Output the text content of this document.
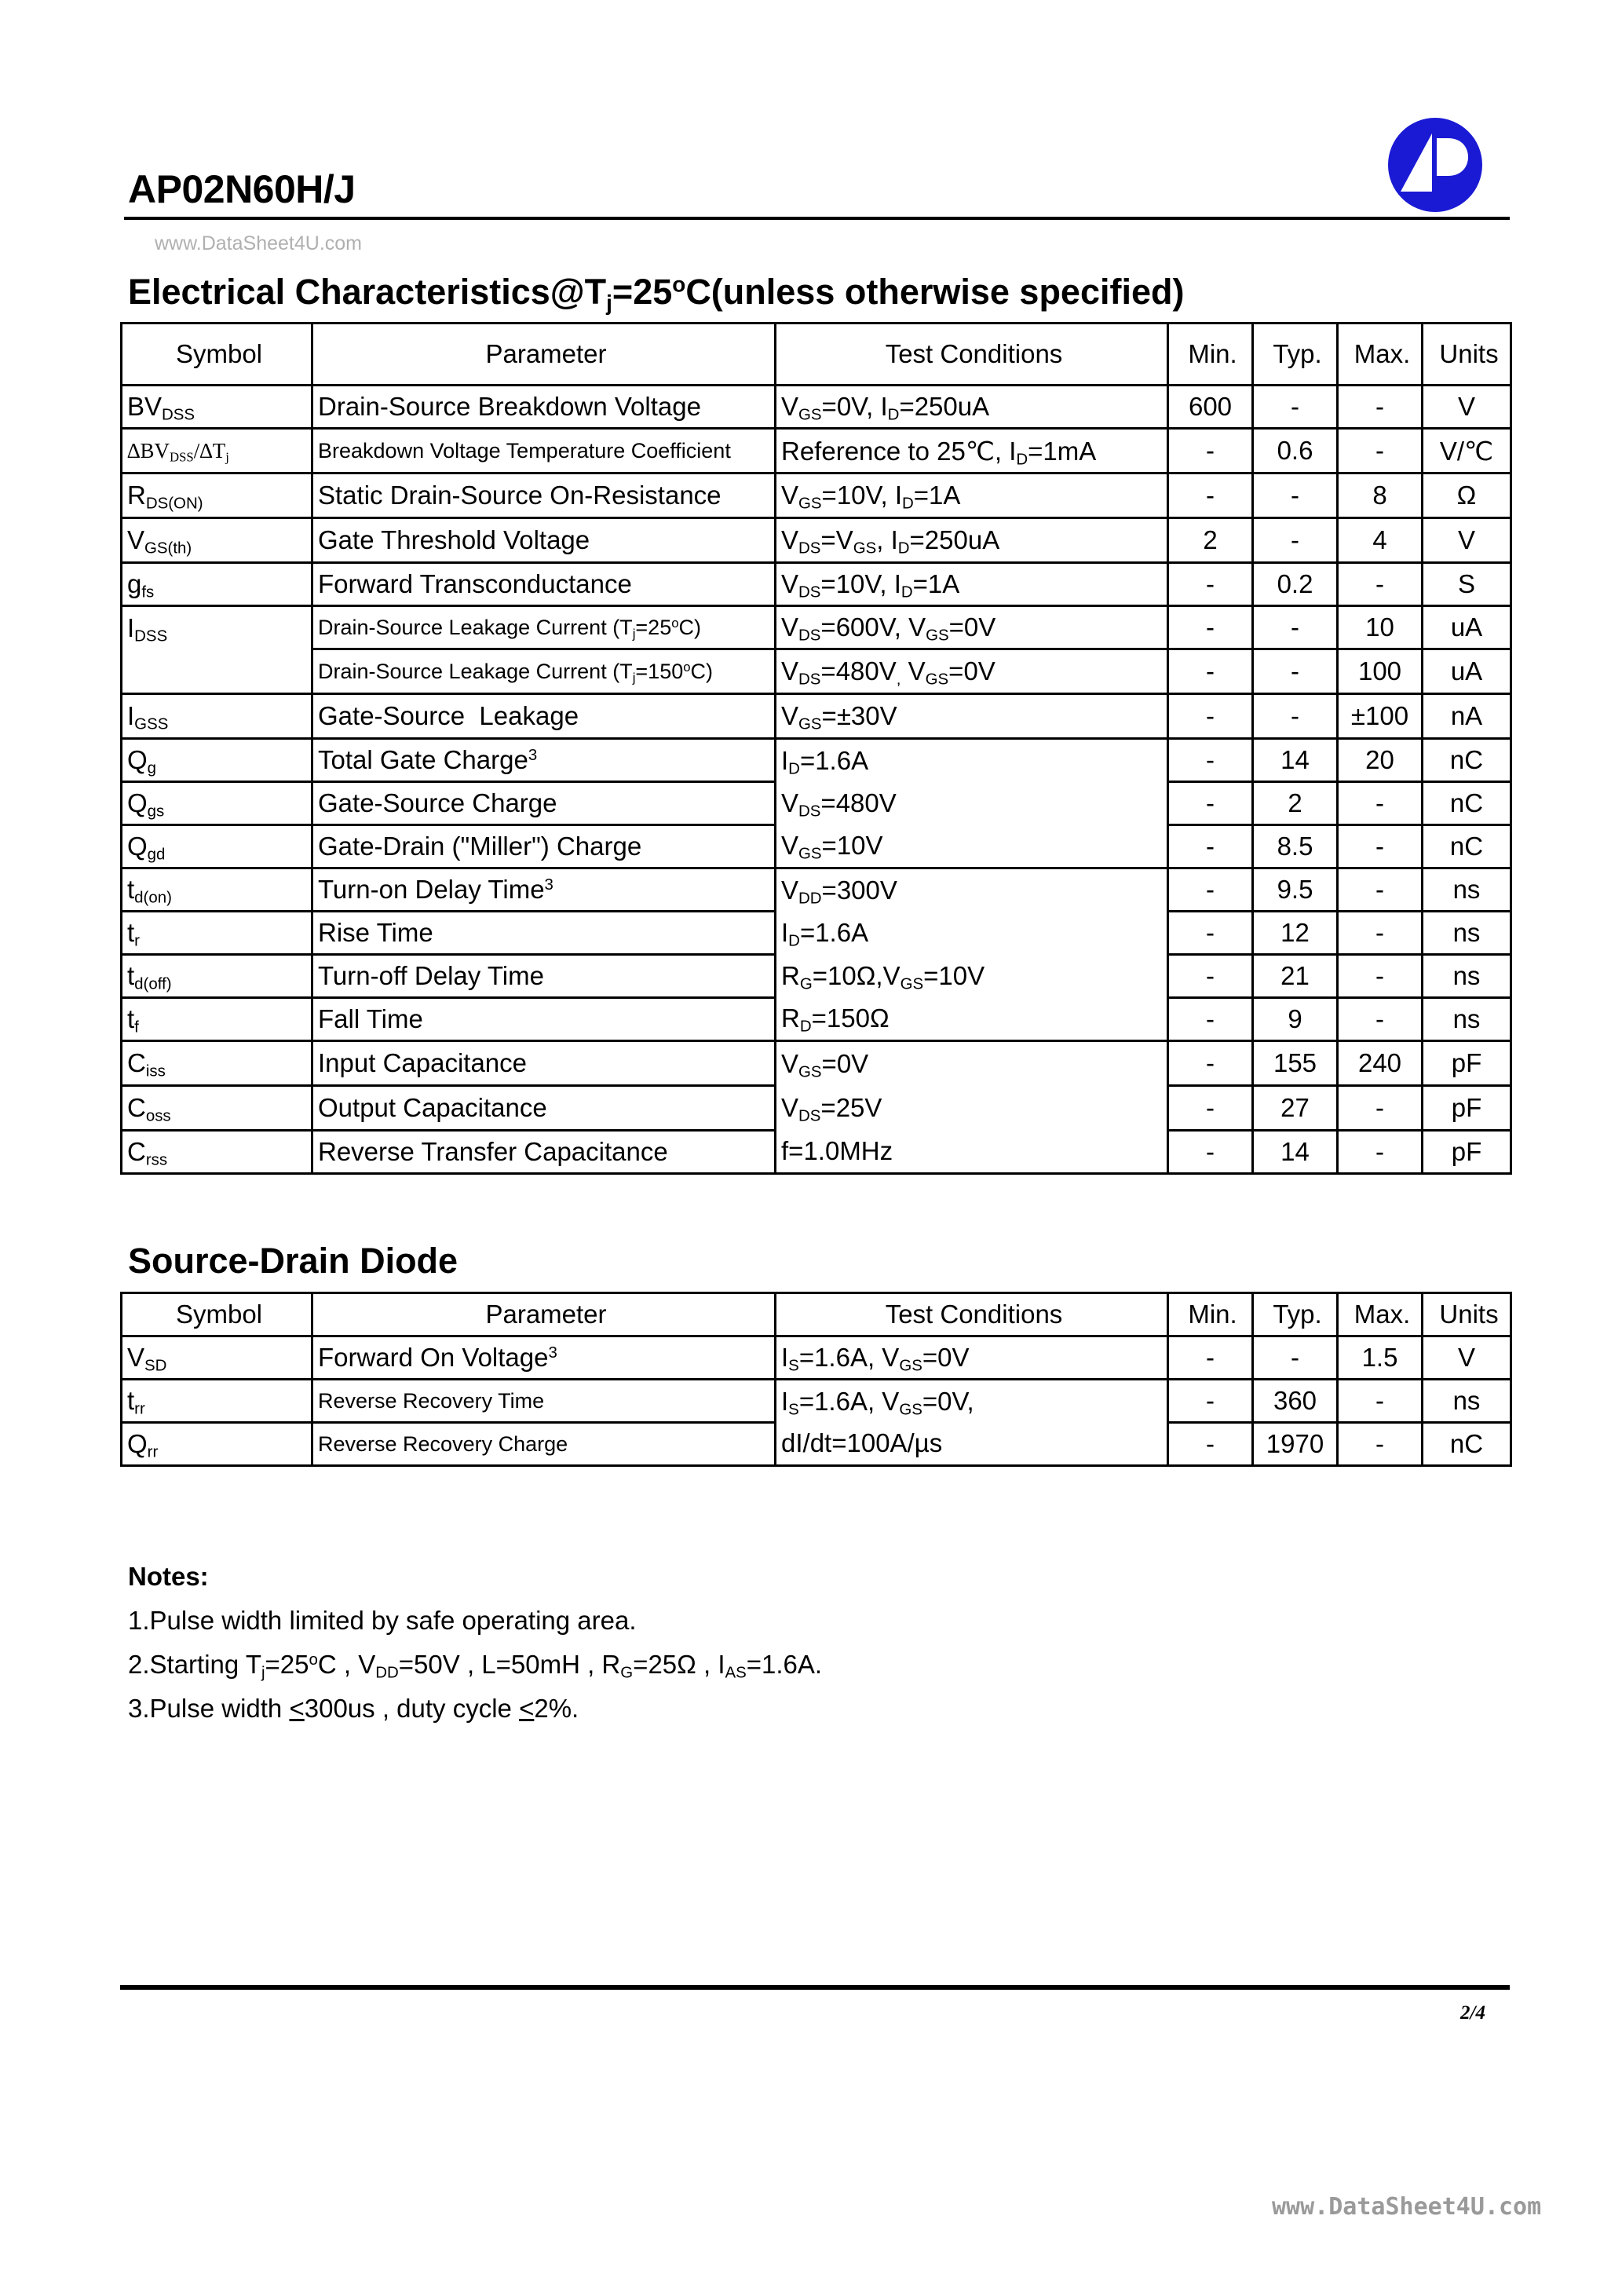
AP02N60H/J
www.DataSheet4U.com
Electrical $Characteristics@T_j=25^oC(unless$ otherwise specified)
Symbol	Parameter	Test Conditions	Min.	Typ.	Max.	Units
$BV_{DSS}$	Drain-Source Breakdown Voltage	$V_{GS}=0V$, $I_D=250uA$	600	-	-	V
$\Delta BV_{DSS}/\Delta T_j$	Breakdown Voltage Temperature Coefficient	Reference to 25℃, $I_D=1mA$	-	0.6	-	V/℃
$R_{DS(ON)}$	Static Drain-Source On-Resistance	$V_{GS}=10V$, $I_D=1A$	-	-	8	Ω
$V_{GS(th)}$	Gate Threshold Voltage	$V_{DS}=V_{GS}$, $I_D=250uA$	2	-	4	V
$g_{fs}$	Forward Transconductance	$V_{DS}=10V$, $I_D=1A$	-	0.2	-	S
$I_{DSS}$	Drain-Source Leakage Current $(T_j=25^oC)$	$V_{DS}=600V$, $V_{GS}=0V$	-	-	10	uA
	Drain-Source Leakage Current $(T_j=150^oC)$	$V_{DS}=480V_,$ $V_{GS}=0V$	-	-	100	uA
$I_{GSS}$	Gate-Source  Leakage	$V_{GS}=\pm 30V$	-	-	±100	nA
$Q_g$	Total Gate Charge$^3$	$I_D=1.6A$	-	14	20	nC
$Q_{gs}$	Gate-Source Charge	$V_{DS}=480V$	-	2	-	nC
$Q_{gd}$	Gate-Drain ("Miller") Charge	$V_{GS}=10V$	-	8.5	-	nC
$t_{d(on)}$	Turn-on Delay Time$^3$	$V_{DD}=300V$	-	9.5	-	ns
$t_r$	Rise Time	$I_D=1.6A$	-	12	-	ns
$t_{d(off)}$	Turn-off Delay Time	$R_G=10\Omega,V_{GS}=10V$	-	21	-	ns
$t_f$	Fall Time	$R_D=150\Omega$	-	9	-	ns
$C_{iss}$	Input Capacitance	$V_{GS}=0V$	-	155	240	pF
$C_{oss}$	Output Capacitance	$V_{DS}=25V$	-	27	-	pF
$C_{rss}$	Reverse Transfer Capacitance	f=1.0MHz	-	14	-	pF
Source-Drain Diode
Symbol	Parameter	Test Conditions	Min.	Typ.	Max.	Units
$V_{SD}$	Forward On Voltage$^3$	$I_S=1.6A$, $V_{GS}=0V$	-	-	1.5	V
$t_{rr}$	Reverse Recovery Time	$I_S=1.6A$, $V_{GS}=0V$,	-	360	-	ns
$Q_{rr}$	Reverse Recovery Charge	dI/dt=100A/µs	-	1970	-	nC
Notes:
1.Pulse width limited by safe operating area.
2.Starting $T_j=25^oC$ , $V_{DD}=50V$ , L=50mH , $R_G=25\Omega$ , $I_{AS}=1.6A$.
3.Pulse width <300us , duty cycle <2%.
2/4
www.DataSheet4U.com
